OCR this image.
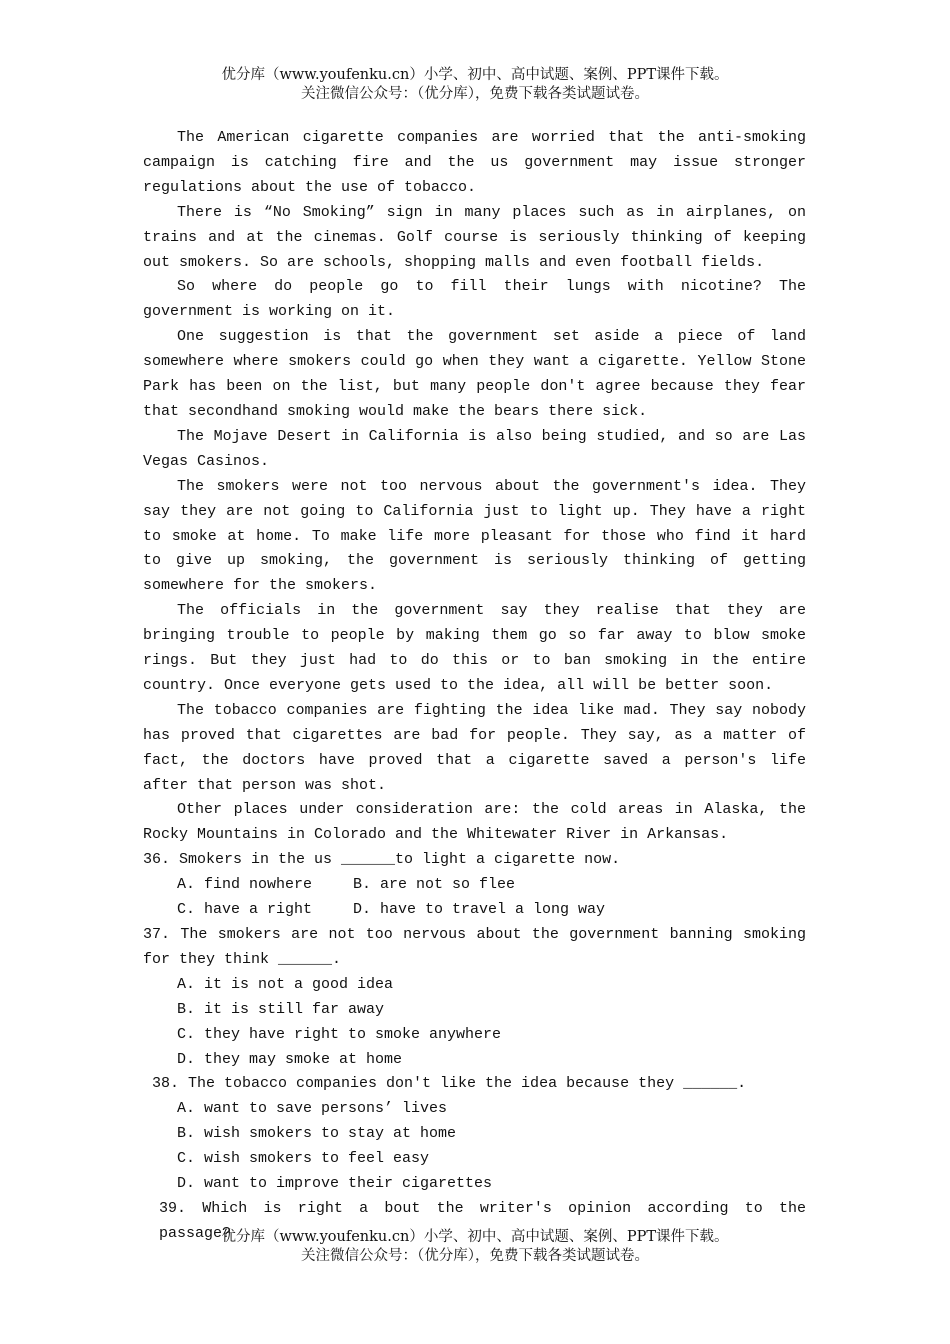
优分库（www.youfenku.cn）小学、初中、高中试题、案例、PPT课件下载。
关注微信公众号：（优分库），免费下载各类试题试卷。

The American cigarette companies are worried that the anti-smoking campaign is catching fire and the us government may issue stronger regulations about the use of tobacco.

There is “No Smoking” sign in many places such as in airplanes, on trains and at the cinemas. Golf course is seriously thinking of keeping out smokers. So are schools, shopping malls and even football fields.

So where do people go to fill their lungs with nicotine? The government is working on it.

One suggestion is that the government set aside a piece of land somewhere where smokers could go when they want a cigarette. Yellow Stone Park has been on the list, but many people don't agree because they fear that secondhand smoking would make the bears there sick.

The Mojave Desert in California is also being studied, and so are Las Vegas Casinos.

The smokers were not too nervous about the government's idea. They say they are not going to California just to light up. They have a right to smoke at home. To make life more pleasant for those who find it hard to give up smoking, the government is seriously thinking of getting somewhere for the smokers.

The officials in the government say they realise that they are bringing trouble to people by making them go so far away to blow smoke rings. But they just had to do this or to ban smoking in the entire country. Once everyone gets used to the idea, all will be better soon.

The tobacco companies are fighting the idea like mad. They say nobody has proved that cigarettes are bad for people. They say, as a matter of fact, the doctors have proved that a cigarette saved a person's life after that person was shot.

Other places under consideration are: the cold areas in Alaska, the Rocky Mountains in Colorado and the Whitewater River in Arkansas.

36. Smokers in the us ______to light a cigarette now.

A. find nowhere	B. are not so flee

C. have a right	D. have to travel a long way

37. The smokers are not too nervous about the government banning smoking for they think ______.

A. it is not a good idea

B. it is still far away

C. they have right to smoke anywhere

D. they may smoke at home

38. The tobacco companies don't like the idea because they ______.

A. want to save persons’ lives

B. wish smokers to stay at home

C. wish smokers to feel easy

D. want to improve their cigarettes

39. Which is right a bout the writer's opinion according to the passage?

优分库（www.youfenku.cn）小学、初中、高中试题、案例、PPT课件下载。
关注微信公众号：（优分库），免费下载各类试题试卷。
